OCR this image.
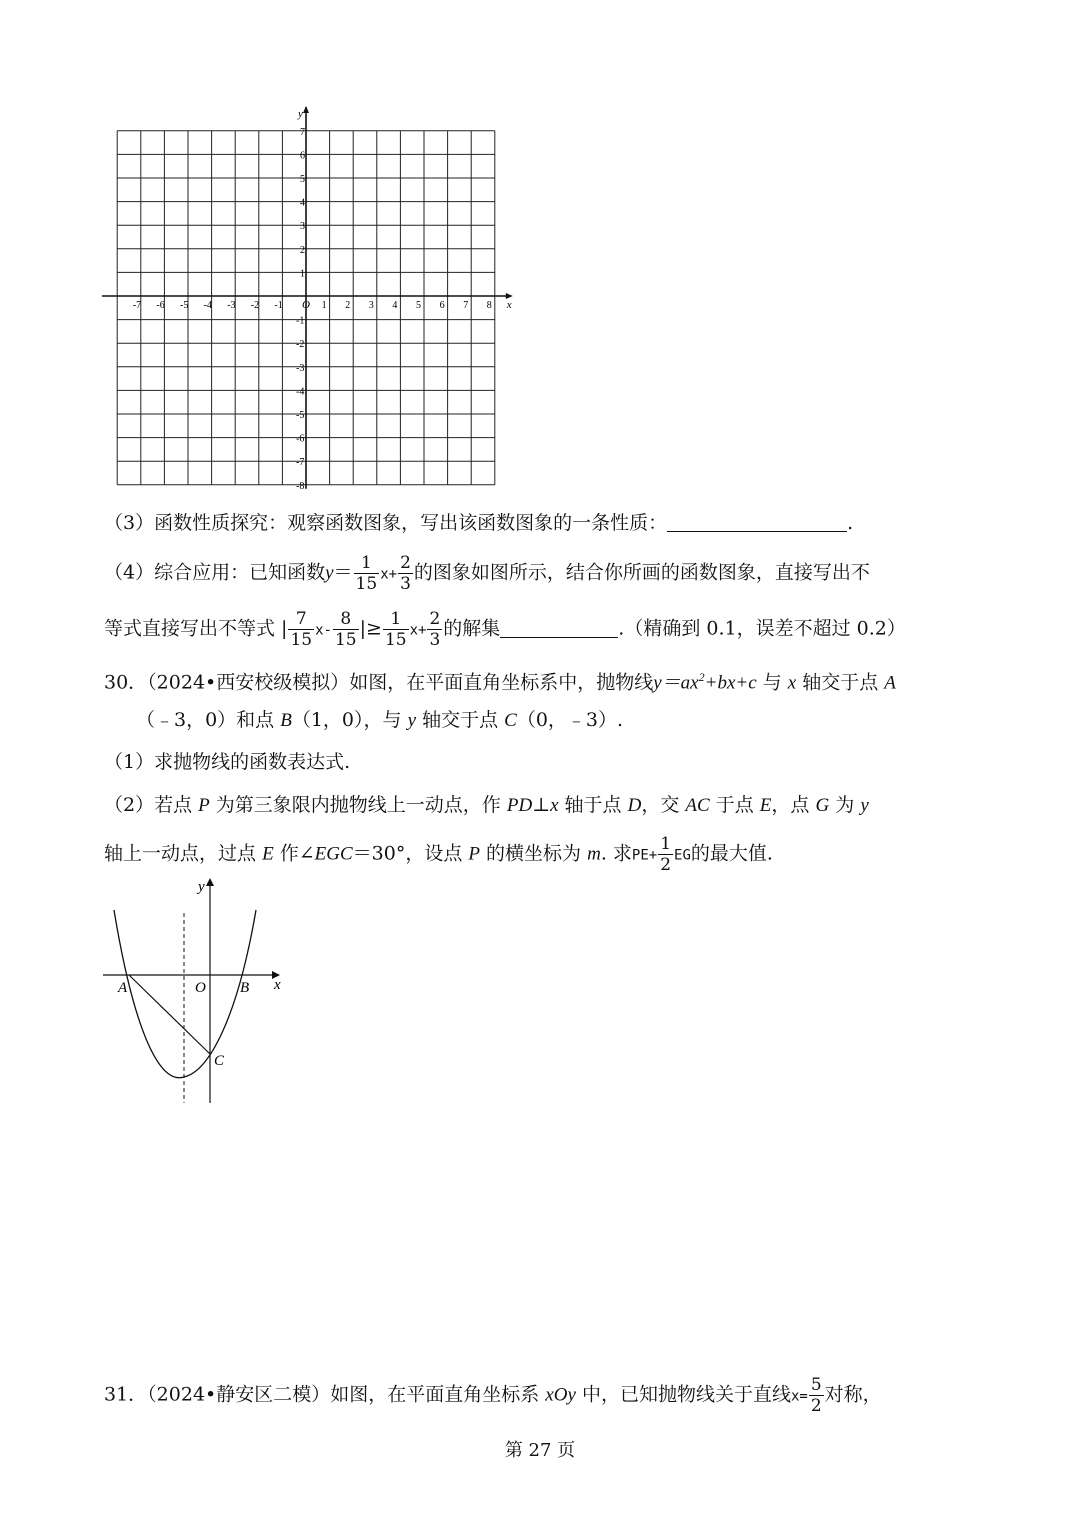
-7 -6 -5 -4 -3 -2 -1	1 2 3 4 5 6 7 8
7
6
5
4
3
2
1
-1
-2
-3
-4
-5
-6
-7
-8
x
y
O
（3）函数性质探究：观察函数图象，写出该函数图象的一条性质：	.
（4）综合应用：已知函数$y= \frac{1}{15} x+ \frac{2}{3}$ 的图象如图所示，结合你所画的函数图象，直接写出不
等式直接写出不等式 | $\frac{7}{15} x- \frac{8}{15}$ |≥ $\frac{1}{15} x+ \frac{2}{3}$ 的解集	.（精确到 0.1，误差不超过 0.2）
30．（2024•西安校级模拟）如图，在平面直角坐标系中，抛物线$y=ax^2+bx+c$ 与 x 轴交于点 A
（﹣3，0）和点 B（1，0），与 y 轴交于点 C（0，﹣3）.
（1）求抛物线的函数表达式.
（2）若点 P 为第三象限内抛物线上一动点，作 PD⊥x 轴于点 D，交 AC 于点 E，点 G 为 y
轴上一动点，过点 E 作∠EGC＝30°，设点 P 的横坐标为 m. 求$PE+ \frac{1}{2}$ EG的最大值.
y
x
O
A	B
C
31．（2024•静安区二模）如图，在平面直角坐标系 xOy 中，已知抛物线关于直线$x= \frac{5}{2}$ 对称，
第 27 页
